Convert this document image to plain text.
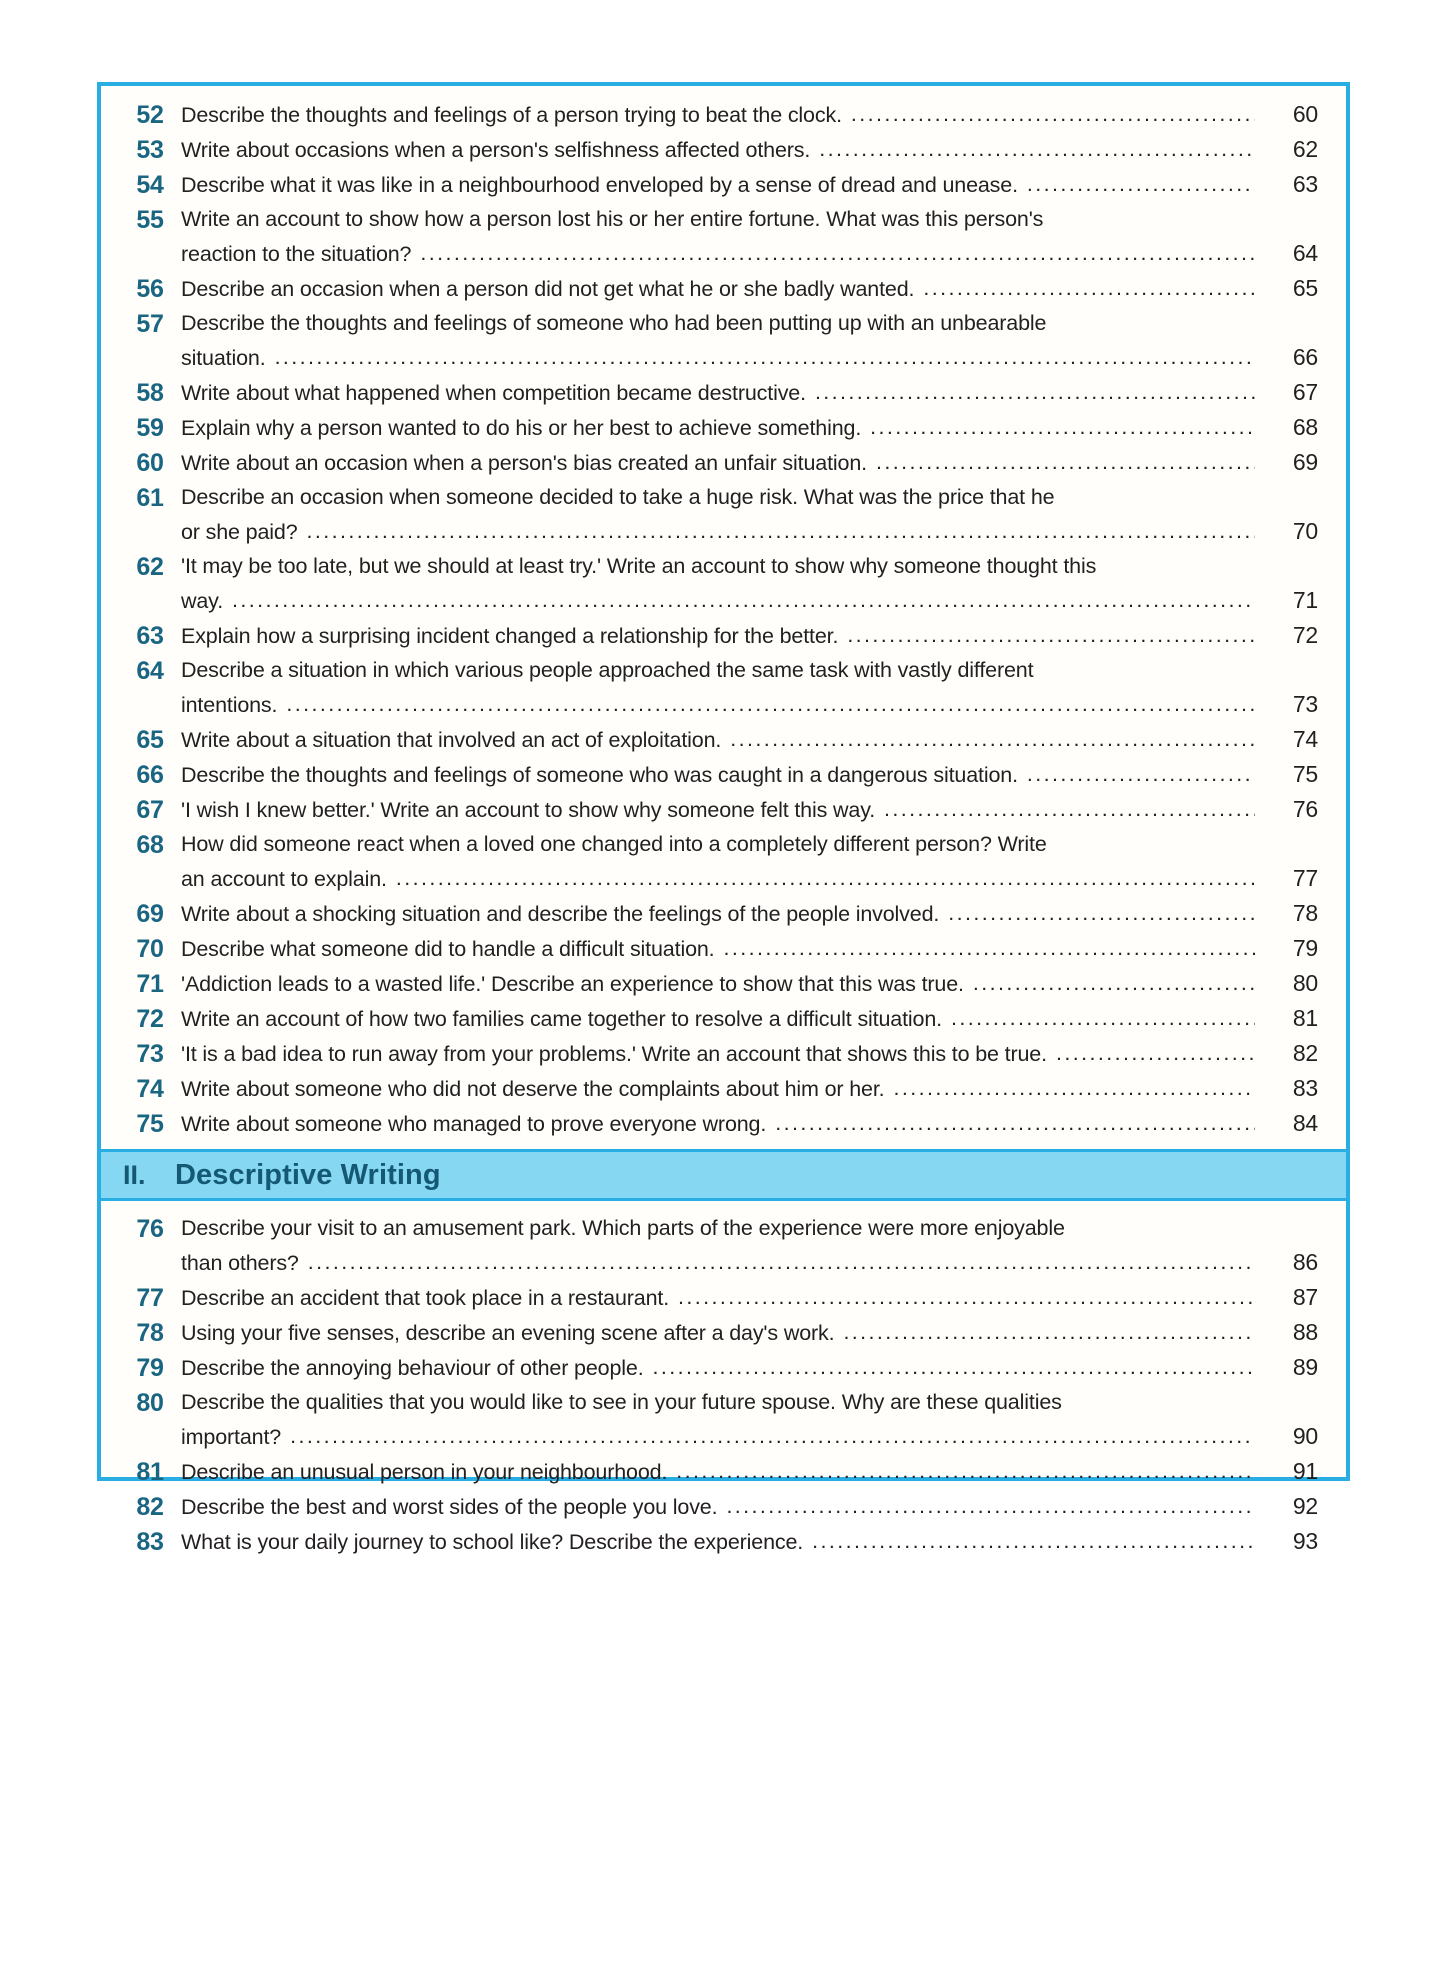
52 Describe the thoughts and feelings of a person trying to beat the clock. .....	60
53 Write about occasions when a person's selfishness affected others. .....	62
54 Describe what it was like in a neighbourhood enveloped by a sense of dread and unease. .....	63
55 Write an account to show how a person lost his or her entire fortune. What was this person's
reaction to the situation? .....	64
56 Describe an occasion when a person did not get what he or she badly wanted. .....	65
57 Describe the thoughts and feelings of someone who had been putting up with an unbearable
situation. .....	66
58 Write about what happened when competition became destructive. .....	67
59 Explain why a person wanted to do his or her best to achieve something. .....	68
60 Write about an occasion when a person's bias created an unfair situation. .....	69
61 Describe an occasion when someone decided to take a huge risk. What was the price that he
or she paid? .....	70
62 'It may be too late, but we should at least try.' Write an account to show why someone thought this
way. .....	71
63 Explain how a surprising incident changed a relationship for the better. .....	72
64 Describe a situation in which various people approached the same task with vastly different
intentions. .....	73
65 Write about a situation that involved an act of exploitation. .....	74
66 Describe the thoughts and feelings of someone who was caught in a dangerous situation. .....	75
67 'I wish I knew better.' Write an account to show why someone felt this way. .....	76
68 How did someone react when a loved one changed into a completely different person? Write
an account to explain. .....	77
69 Write about a shocking situation and describe the feelings of the people involved. .....	78
70 Describe what someone did to handle a difficult situation. .....	79
71 'Addiction leads to a wasted life.' Describe an experience to show that this was true. .....	80
72 Write an account of how two families came together to resolve a difficult situation. .....	81
73 'It is a bad idea to run away from your problems.' Write an account that shows this to be true. .....	82
74 Write about someone who did not deserve the complaints about him or her. .....	83
75 Write about someone who managed to prove everyone wrong. .....	84
II.	Descriptive Writing
76 Describe your visit to an amusement park. Which parts of the experience were more enjoyable
than others? .....	86
77 Describe an accident that took place in a restaurant. .....	87
78 Using your five senses, describe an evening scene after a day's work. .....	88
79 Describe the annoying behaviour of other people. .....	89
80 Describe the qualities that you would like to see in your future spouse. Why are these qualities
important? .....	90
81 Describe an unusual person in your neighbourhood. .....	91
82 Describe the best and worst sides of the people you love. .....	92
83 What is your daily journey to school like? Describe the experience. .....	93
